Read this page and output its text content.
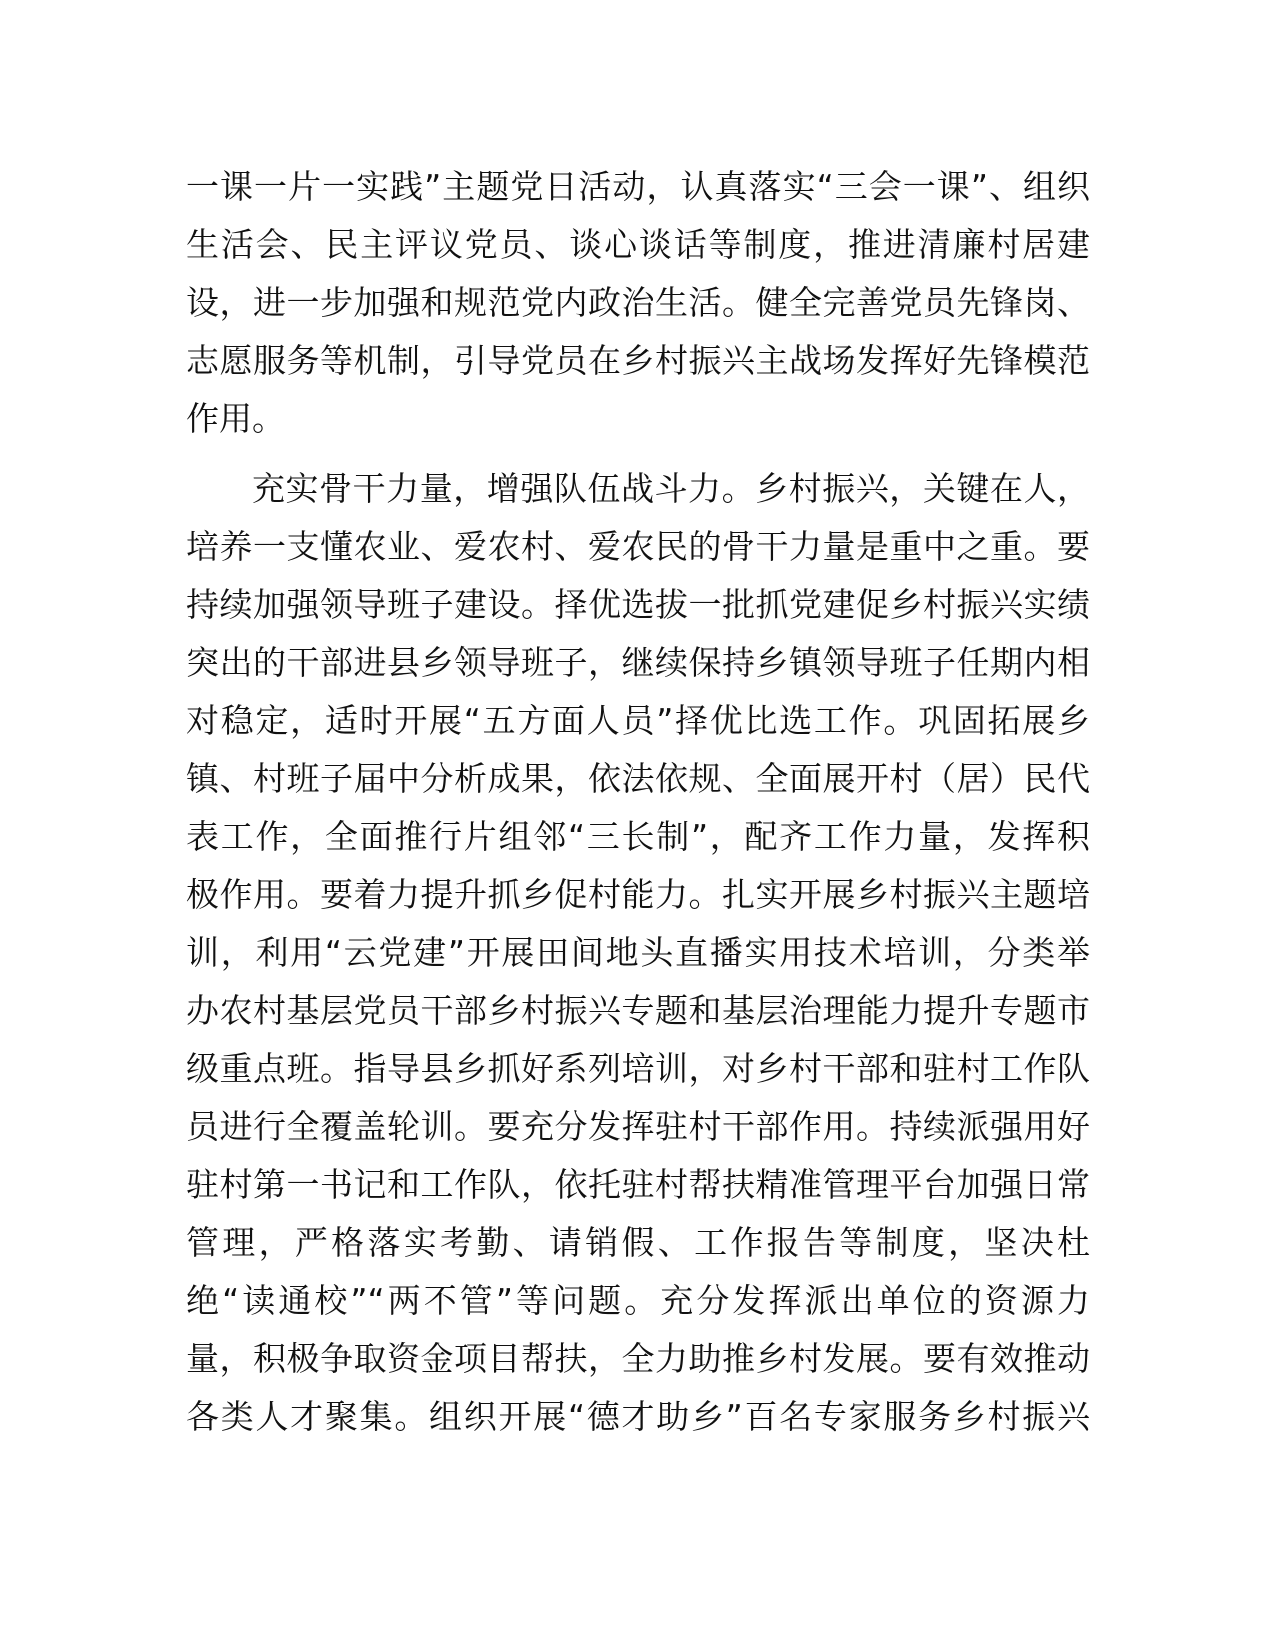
一课一片一实践”主题党日活动，认真落实“三会一课”、组织
生活会、民主评议党员、谈心谈话等制度，推进清廉村居建
设，进一步加强和规范党内政治生活。健全完善党员先锋岗、
志愿服务等机制，引导党员在乡村振兴主战场发挥好先锋模范
作用。
充实骨干力量，增强队伍战斗力。乡村振兴，关键在人，
培养一支懂农业、爱农村、爱农民的骨干力量是重中之重。要
持续加强领导班子建设。择优选拔一批抓党建促乡村振兴实绩
突出的干部进县乡领导班子，继续保持乡镇领导班子任期内相
对稳定，适时开展“五方面人员”择优比选工作。巩固拓展乡
镇、村班子届中分析成果，依法依规、全面展开村（居）民代
表工作，全面推行片组邻“三长制”，配齐工作力量，发挥积
极作用。要着力提升抓乡促村能力。扎实开展乡村振兴主题培
训，利用“云党建”开展田间地头直播实用技术培训，分类举
办农村基层党员干部乡村振兴专题和基层治理能力提升专题市
级重点班。指导县乡抓好系列培训，对乡村干部和驻村工作队
员进行全覆盖轮训。要充分发挥驻村干部作用。持续派强用好
驻村第一书记和工作队，依托驻村帮扶精准管理平台加强日常
管理，严格落实考勤、请销假、工作报告等制度，坚决杜
绝“读通校”“两不管”等问题。充分发挥派出单位的资源力
量，积极争取资金项目帮扶，全力助推乡村发展。要有效推动
各类人才聚集。组织开展“德才助乡”百名专家服务乡村振兴
